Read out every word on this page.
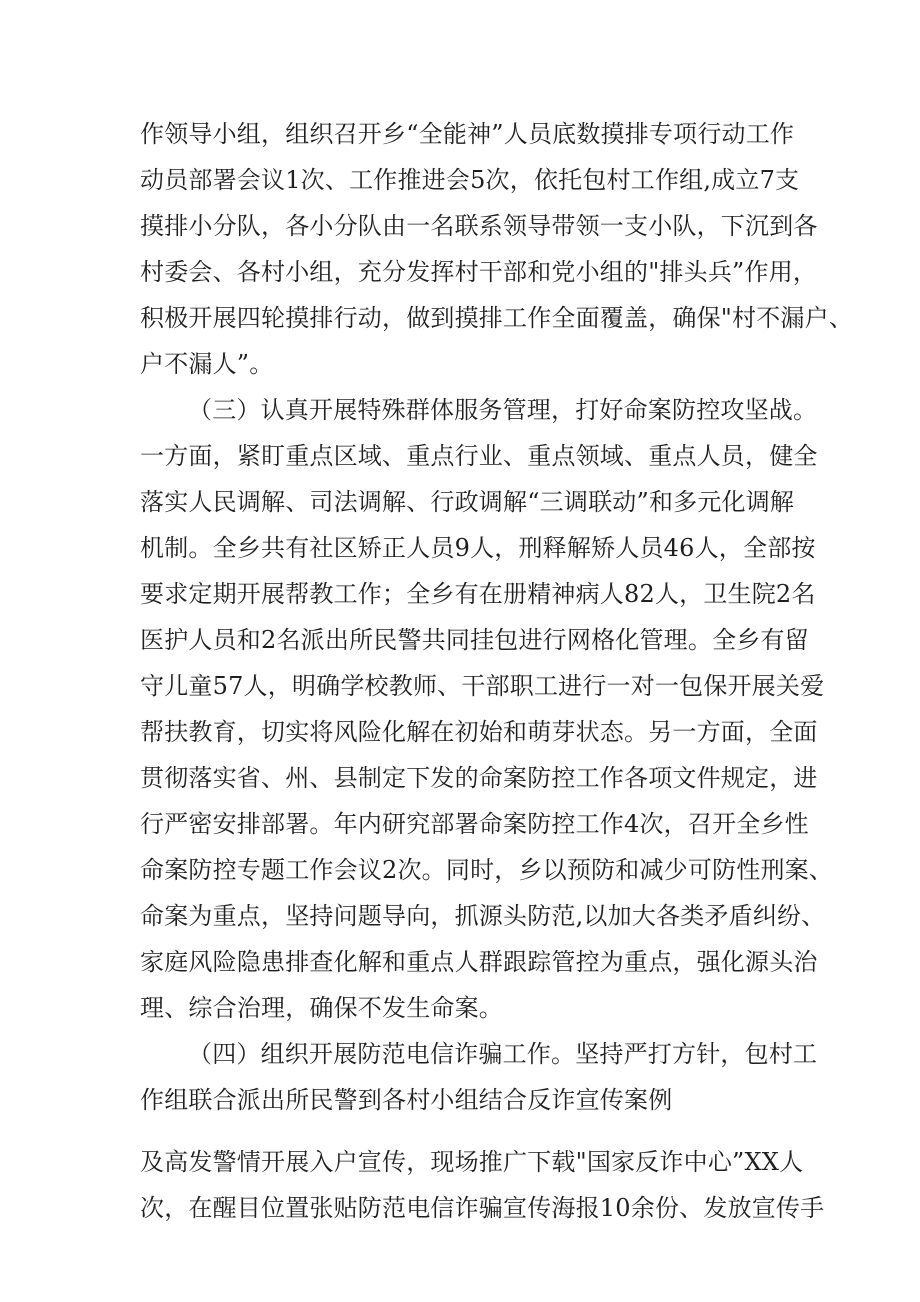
作领导小组，组织召开乡“全能神”人员底数摸排专项行动工作
动员部署会议1次、工作推进会5次，依托包村工作组,成立7支
摸排小分队，各小分队由一名联系领导带领一支小队，下沉到各
村委会、各村小组，充分发挥村干部和党小组的"排头兵”作用，
积极开展四轮摸排行动，做到摸排工作全面覆盖，确保"村不漏户、
户不漏人”。
（三）认真开展特殊群体服务管理，打好命案防控攻坚战。
一方面，紧盯重点区域、重点行业、重点领域、重点人员，健全
落实人民调解、司法调解、行政调解“三调联动”和多元化调解
机制。全乡共有社区矫正人员9人，刑释解矫人员46人，全部按
要求定期开展帮教工作；全乡有在册精神病人82人，卫生院2名
医护人员和2名派出所民警共同挂包进行网格化管理。全乡有留
守儿童57人，明确学校教师、干部职工进行一对一包保开展关爱
帮扶教育，切实将风险化解在初始和萌芽状态。另一方面，全面
贯彻落实省、州、县制定下发的命案防控工作各项文件规定，进
行严密安排部署。年内研究部署命案防控工作4次，召开全乡性
命案防控专题工作会议2次。同时，乡以预防和减少可防性刑案、
命案为重点，坚持问题导向，抓源头防范,以加大各类矛盾纠纷、
家庭风险隐患排查化解和重点人群跟踪管控为重点，强化源头治
理、综合治理，确保不发生命案。
（四）组织开展防范电信诈骗工作。坚持严打方针，包村工
作组联合派出所民警到各村小组结合反诈宣传案例
及高发警情开展入户宣传，现场推广下载"国家反诈中心”XX人
次，在醒目位置张贴防范电信诈骗宣传海报10余份、发放宣传手
